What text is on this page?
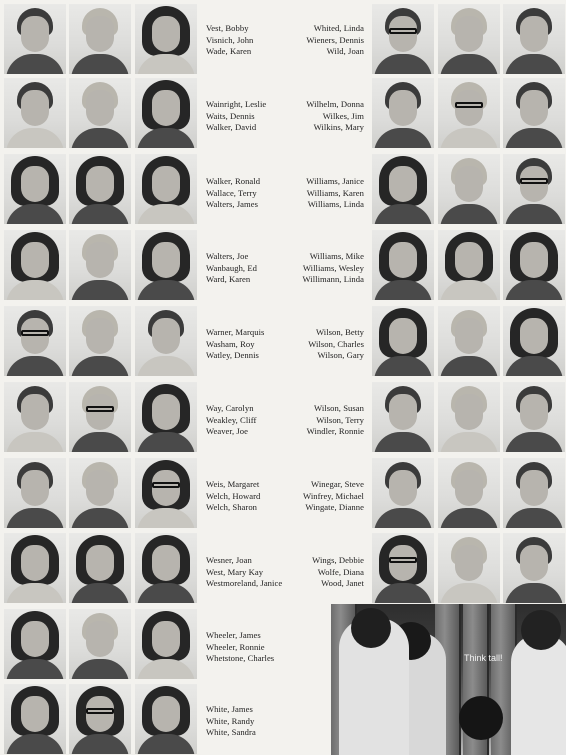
Think tall!
Vest, Bobby
Visnich, John
Wade, Karen
Whited, Linda
Wieners, Dennis
Wild, Joan
Wainright, Leslie
Waits, Dennis
Walker, David
Wilhelm, Donna
Wilkes, Jim
Wilkins, Mary
Walker, Ronald
Wallace, Terry
Walters, James
Williams, Janice
Williams, Karen
Williams, Linda
Walters, Joe
Wanbaugh, Ed
Ward, Karen
Williams, Mike
Williams, Wesley
Willimann, Linda
Warner, Marquis
Washam, Roy
Watley, Dennis
Wilson, Betty
Wilson, Charles
Wilson, Gary
Way, Carolyn
Weakley, Cliff
Weaver, Joe
Wilson, Susan
Wilson, Terry
Windler, Ronnie
Weis, Margaret
Welch, Howard
Welch, Sharon
Winegar, Steve
Winfrey, Michael
Wingate, Dianne
Wesner, Joan
West, Mary Kay
Westmoreland, Janice
Wings, Debbie
Wolfe, Diana
Wood, Janet
Wheeler, James
Wheeler, Ronnie
Whetstone, Charles
White, James
White, Randy
White, Sandra
